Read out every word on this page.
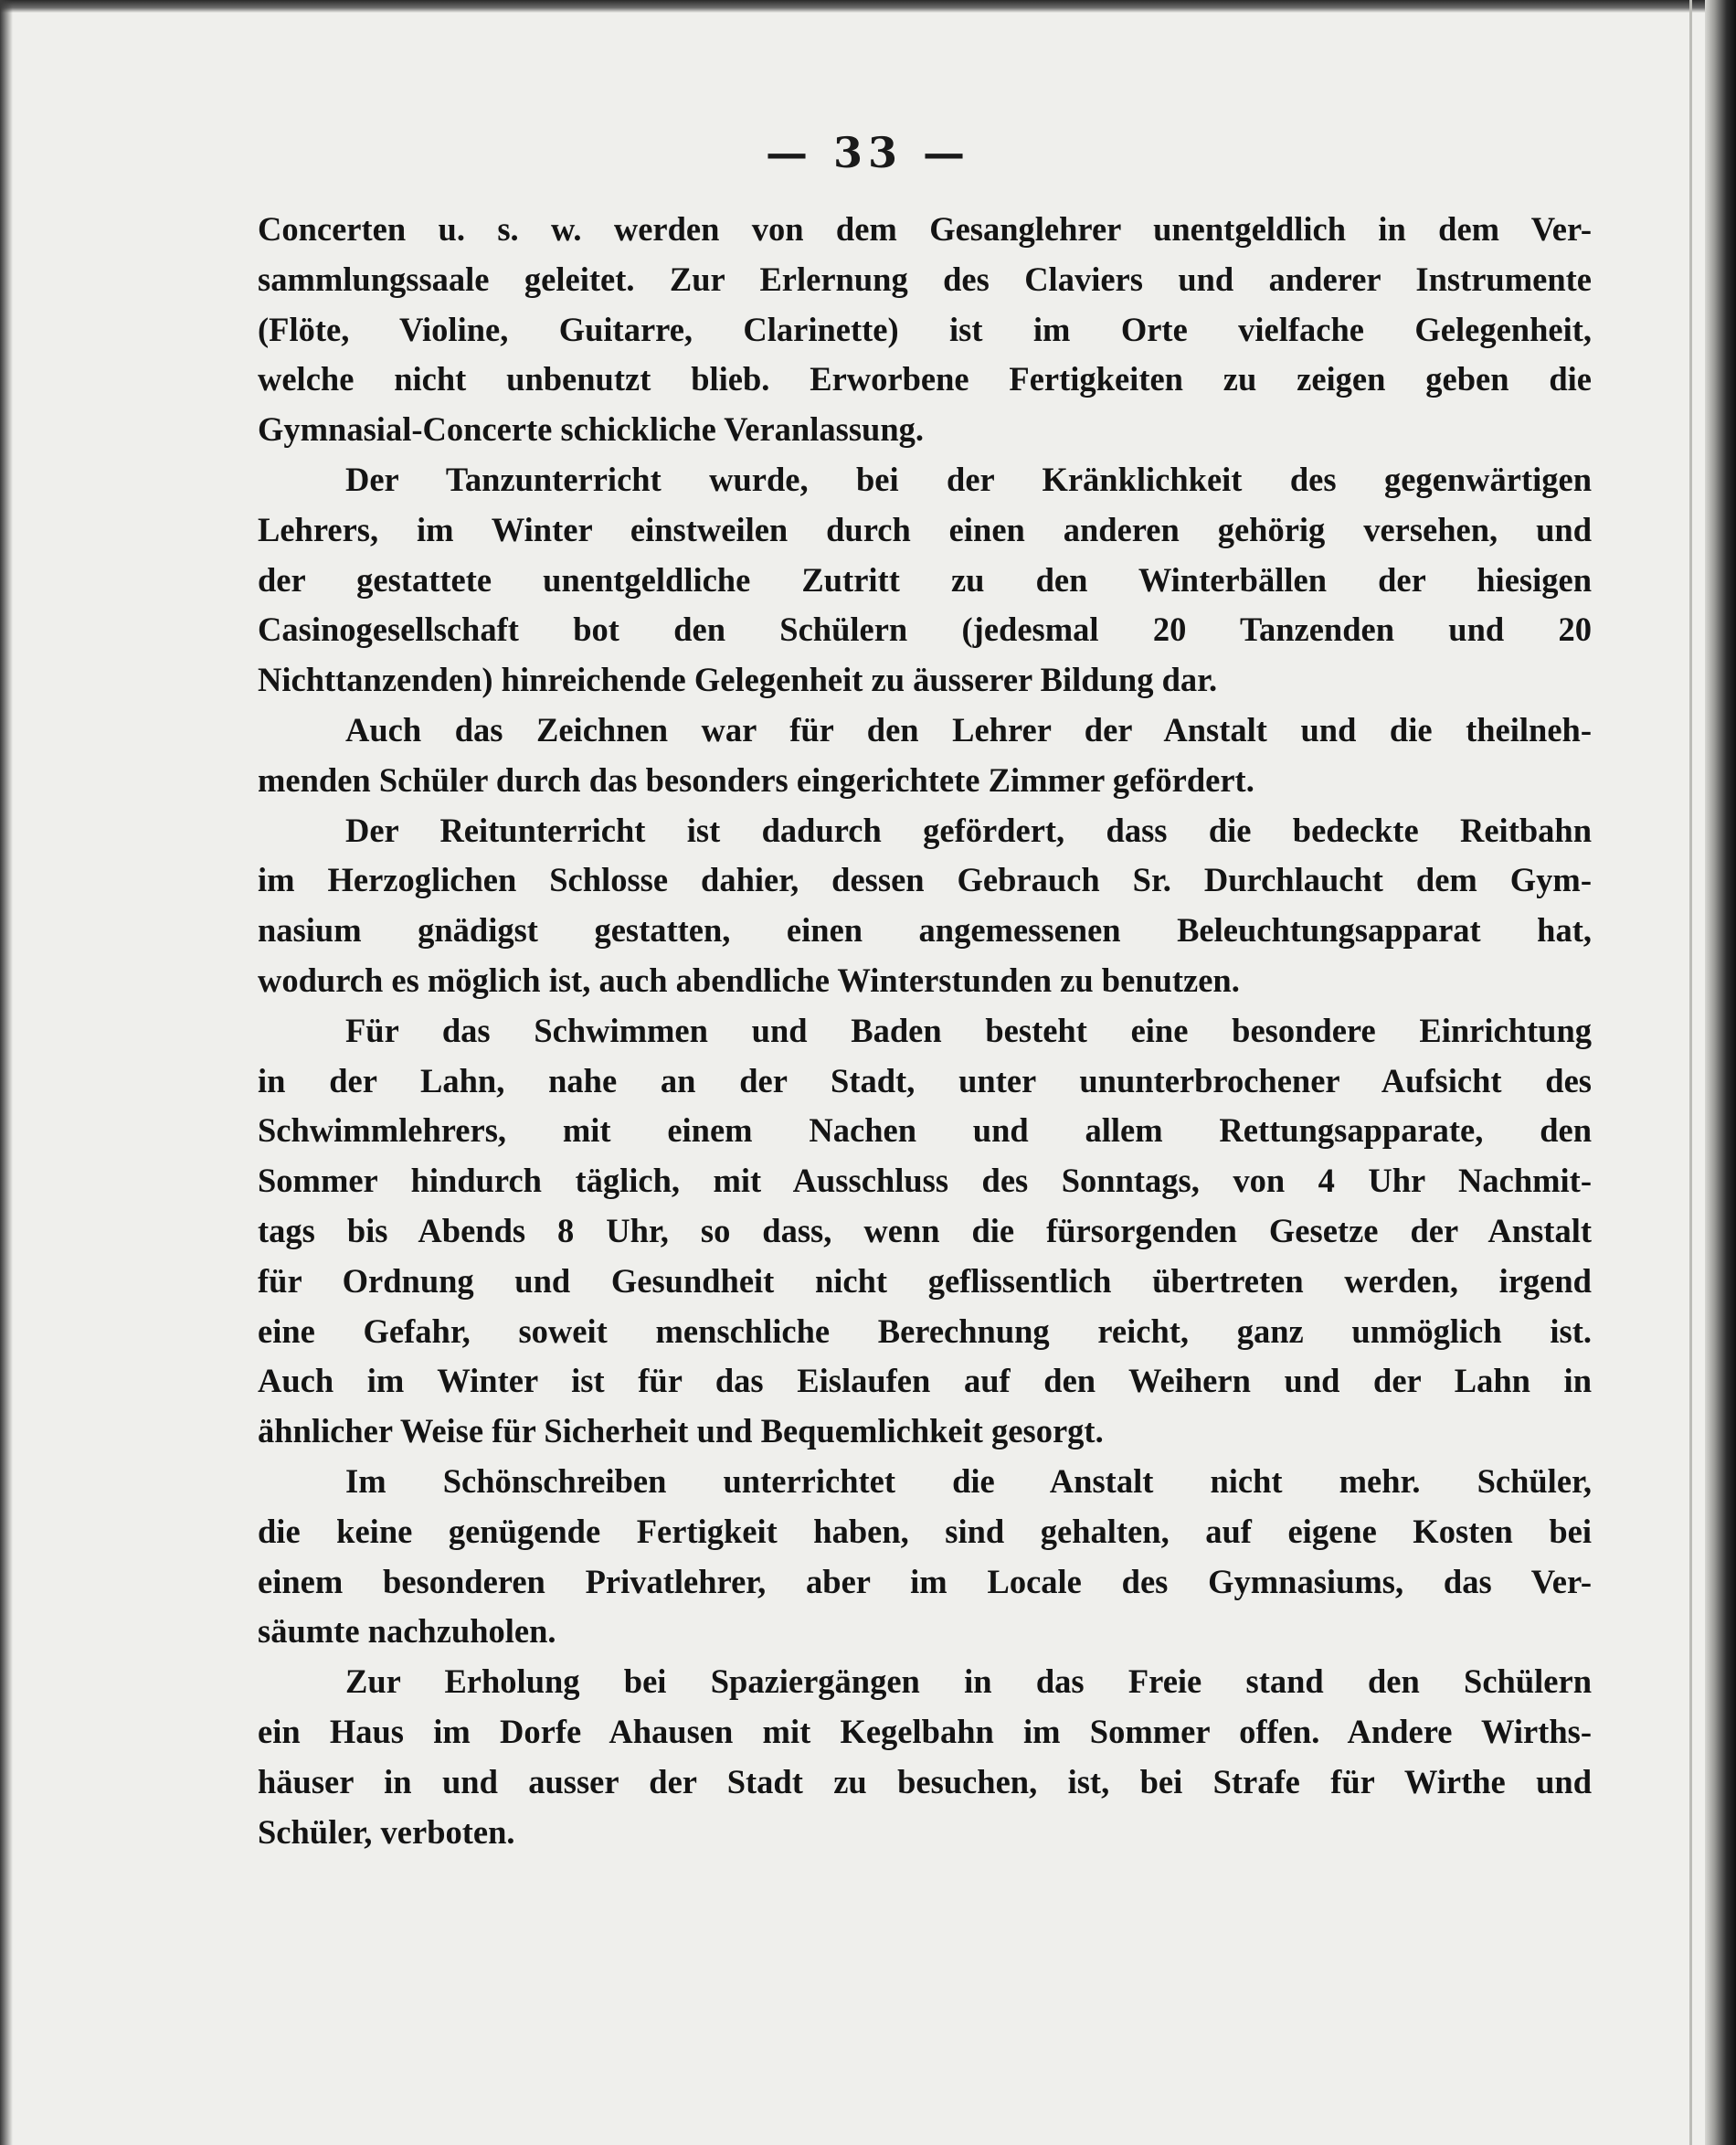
— 33 —
Concerten u. s. w. werden von dem Gesanglehrer unentgeldlich in dem Ver-
sammlungssaale geleitet. Zur Erlernung des Claviers und anderer Instrumente
(Flöte, Violine, Guitarre, Clarinette) ist im Orte vielfache Gelegenheit,
welche nicht unbenutzt blieb. Erworbene Fertigkeiten zu zeigen geben die
Gymnasial-Concerte schickliche Veranlassung.
Der Tanzunterricht wurde, bei der Kränklichkeit des gegenwärtigen
Lehrers, im Winter einstweilen durch einen anderen gehörig versehen, und
der gestattete unentgeldliche Zutritt zu den Winterbällen der hiesigen
Casinogesellschaft bot den Schülern (jedesmal 20 Tanzenden und 20
Nichttanzenden) hinreichende Gelegenheit zu äusserer Bildung dar.
Auch das Zeichnen war für den Lehrer der Anstalt und die theilneh-
menden Schüler durch das besonders eingerichtete Zimmer gefördert.
Der Reitunterricht ist dadurch gefördert, dass die bedeckte Reitbahn
im Herzoglichen Schlosse dahier, dessen Gebrauch Sr. Durchlaucht dem Gym-
nasium gnädigst gestatten, einen angemessenen Beleuchtungsapparat hat,
wodurch es möglich ist, auch abendliche Winterstunden zu benutzen.
Für das Schwimmen und Baden besteht eine besondere Einrichtung
in der Lahn, nahe an der Stadt, unter ununterbrochener Aufsicht des
Schwimmlehrers, mit einem Nachen und allem Rettungsapparate, den
Sommer hindurch täglich, mit Ausschluss des Sonntags, von 4 Uhr Nachmit-
tags bis Abends 8 Uhr, so dass, wenn die fürsorgenden Gesetze der Anstalt
für Ordnung und Gesundheit nicht geflissentlich übertreten werden, irgend
eine Gefahr, soweit menschliche Berechnung reicht, ganz unmöglich ist.
Auch im Winter ist für das Eislaufen auf den Weihern und der Lahn in
ähnlicher Weise für Sicherheit und Bequemlichkeit gesorgt.
Im Schönschreiben unterrichtet die Anstalt nicht mehr. Schüler,
die keine genügende Fertigkeit haben, sind gehalten, auf eigene Kosten bei
einem besonderen Privatlehrer, aber im Locale des Gymnasiums, das Ver-
säumte nachzuholen.
Zur Erholung bei Spaziergängen in das Freie stand den Schülern
ein Haus im Dorfe Ahausen mit Kegelbahn im Sommer offen. Andere Wirths-
häuser in und ausser der Stadt zu besuchen, ist, bei Strafe für Wirthe und
Schüler, verboten.
